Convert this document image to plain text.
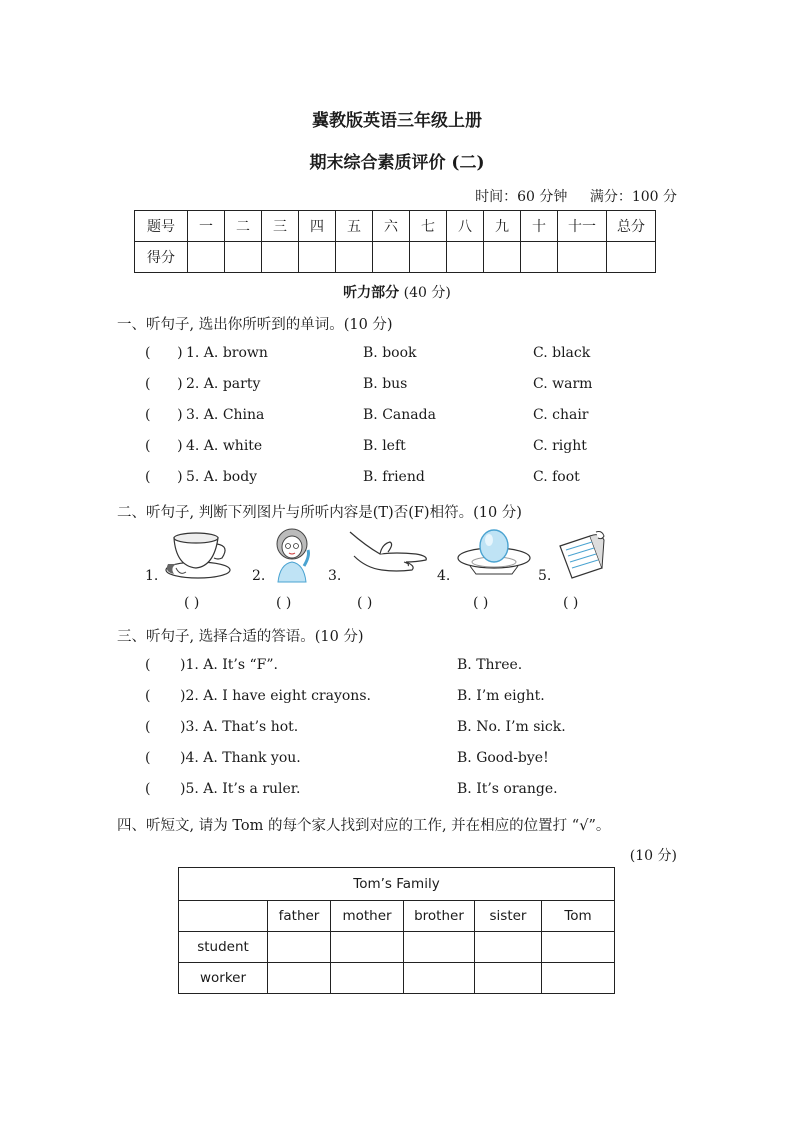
冀教版英语三年级上册
期末综合素质评价 (二)
时间：60 分钟 满分：100 分
题号	一	二	三	四	五	六	七	八	九	十	十一	总分
得分												
听力部分 (40 分)
一、听句子, 选出你所听到的单词。(10 分)
(      ) 1. A. brown	B. book	C. black
(      ) 2. A. party	B. bus	C. warm
(      ) 3. A. China	B. Canada	C. chair
(      ) 4. A. white	B. left	C. right
(      ) 5. A. body	B. friend	C. foot
二、听句子, 判断下列图片与所听内容是(T)否(F)相符。(10 分)
1.
( )
2.
( )
3.
( )
4.
( )
5.
( )
三、听句子, 选择合适的答语。(10 分)
( )1. A. It’s “F”.	B. Three.
( )2. A. I have eight crayons.	B. I’m eight.
( )3. A. That’s hot.	B. No. I’m sick.
( )4. A. Thank you.	B. Good-bye!
( )5. A. It’s a ruler.	B. It’s orange.
四、听短文, 请为 Tom 的每个家人找到对应的工作, 并在相应的位置打 “√”。
(10 分)
Tom’s Family					
	father	mother	brother	sister	Tom
student					
worker					
